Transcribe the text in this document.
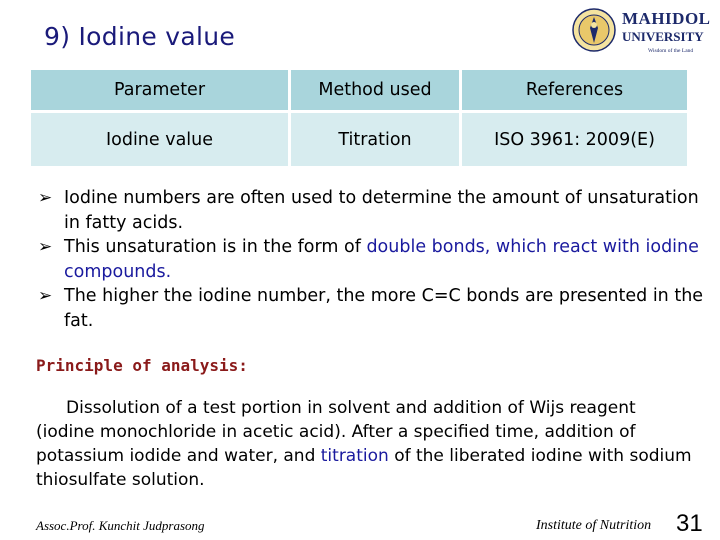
9) Iodine value
MAHIDOL
UNIVERSITY
Wisdom of the Land
Parameter	Method used	References
Iodine value	Titration	ISO 3961: 2009(E)
➢ Iodine numbers are often used to determine the amount of unsaturation in fatty acids.
➢ This unsaturation is in the form of double bonds, which react with iodine compounds.
➢ The higher the iodine number, the more C=C bonds are presented in the fat.
Principle of analysis:
Dissolution of a test portion in solvent and addition of Wijs reagent (iodine monochloride in acetic acid). After a specified time, addition of potassium iodide and water, and titration of the liberated iodine with sodium thiosulfate solution.
Assoc.Prof. Kunchit Judprasong	Institute of Nutrition 31
